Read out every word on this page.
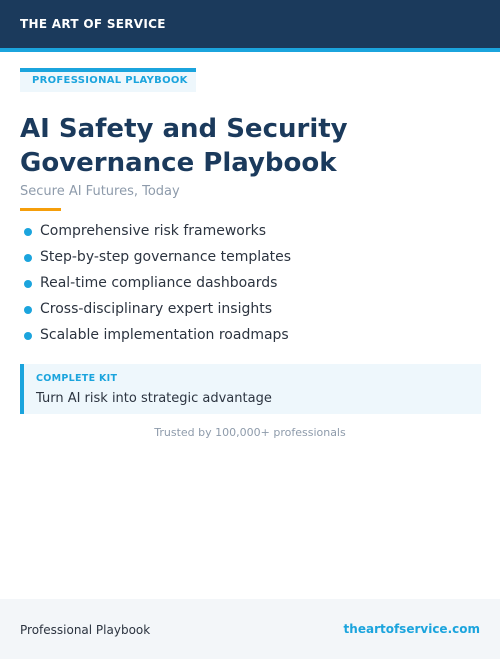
THE ART OF SERVICE
PROFESSIONAL PLAYBOOK
AI Safety and Security
Governance Playbook
Secure AI Futures, Today
Comprehensive risk frameworks
Step-by-step governance templates
Real-time compliance dashboards
Cross-disciplinary expert insights
Scalable implementation roadmaps
COMPLETE KIT
Turn AI risk into strategic advantage
Trusted by 100,000+ professionals
Professional Playbook	theartofservice.com
